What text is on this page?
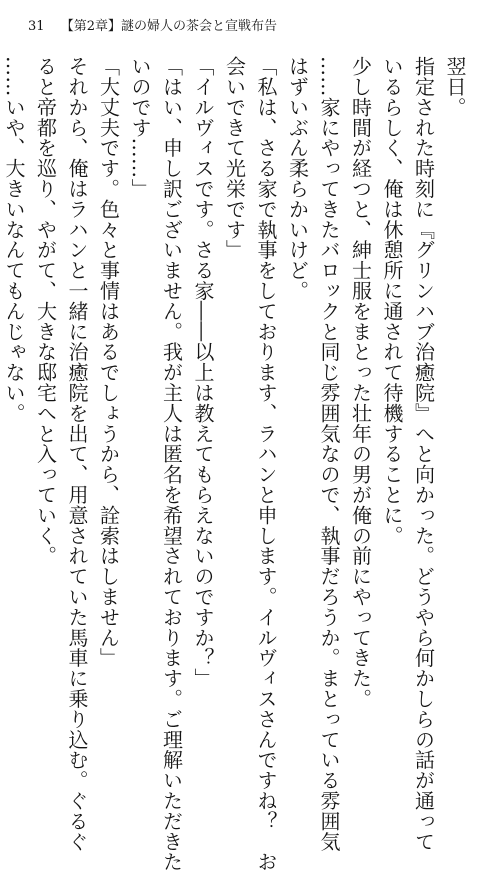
31 【第2章】謎の婦人の茶会と宣戦布告
翌日。
指定された時刻に『グリンハブ治癒院』へと向かった。どうやら何かしらの話が通って
いるらしく、俺は休憩所に通されて待機することに。
少し時間が経つと、紳士服をまとった壮年の男が俺の前にやってきた。
……家にやってきたバロックと同じ雰囲気なので、執事だろうか。まとっている雰囲気
はずいぶん柔らかいけど。
「私は、さる家で執事をしております、ラハンと申します。イルヴィスさんですね？　お
会いできて光栄です」
「イルヴィスです。さる家――以上は教えてもらえないのですか？」
「はい、申し訳ございません。我が主人は匿名を希望されております。ご理解いただきた
いのです……」
「大丈夫です。色々と事情はあるでしょうから、詮索はしません」
それから、俺はラハンと一緒に治癒院を出て、用意されていた馬車に乗り込む。ぐるぐ
ると帝都を巡り、やがて、大きな邸宅へと入っていく。
……いや、大きいなんてもんじゃない。
